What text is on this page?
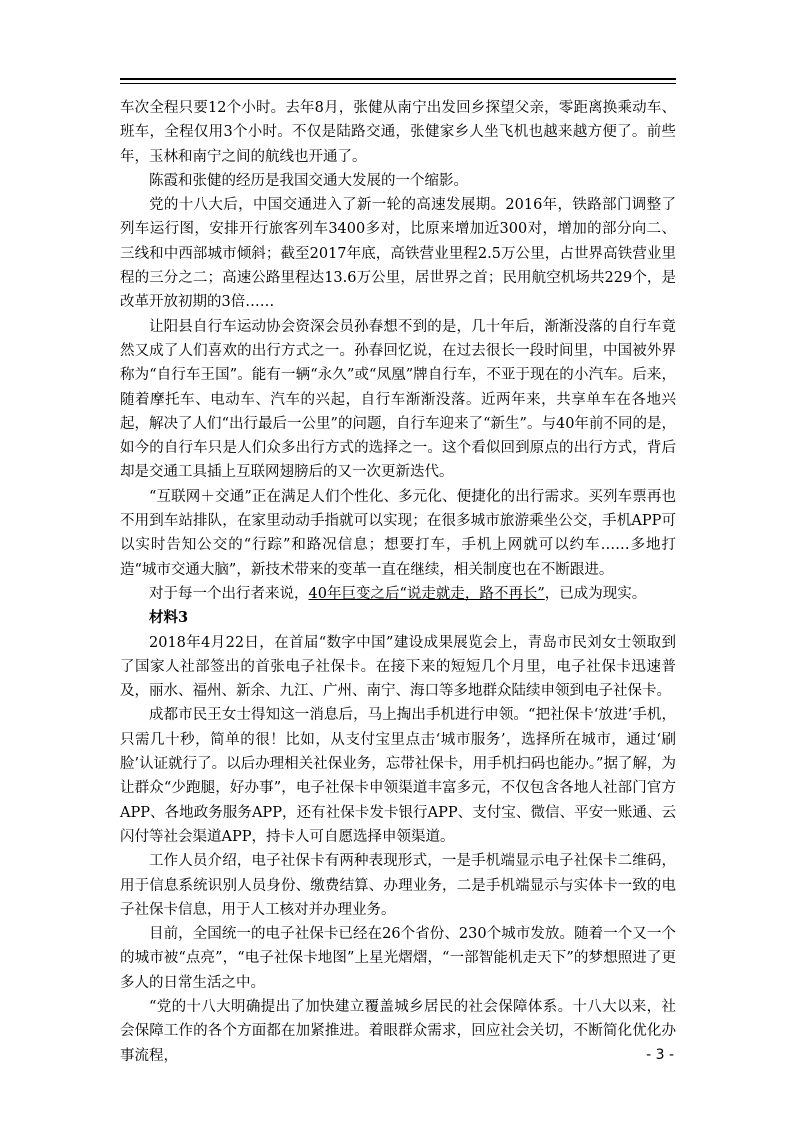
车次全程只要12个小时。去年8月，张健从南宁出发回乡探望父亲，零距离换乘动车、班车，全程仅用3个小时。不仅是陆路交通，张健家乡人坐飞机也越来越方便了。前些年，玉林和南宁之间的航线也开通了。

陈霞和张健的经历是我国交通大发展的一个缩影。

党的十八大后，中国交通进入了新一轮的高速发展期。2016年，铁路部门调整了列车运行图，安排开行旅客列车3400多对，比原来增加近300对，增加的部分向二、三线和中西部城市倾斜；截至2017年底，高铁营业里程2.5万公里，占世界高铁营业里程的三分之二；高速公路里程达13.6万公里，居世界之首；民用航空机场共229个，是改革开放初期的3倍……

让阳县自行车运动协会资深会员孙春想不到的是，几十年后，渐渐没落的自行车竟然又成了人们喜欢的出行方式之一。孙春回忆说，在过去很长一段时间里，中国被外界称为“自行车王国”。能有一辆“永久”或“凤凰”牌自行车，不亚于现在的小汽车。后来，随着摩托车、电动车、汽车的兴起，自行车渐渐没落。近两年来，共享单车在各地兴起，解决了人们“出行最后一公里”的问题，自行车迎来了“新生”。与40年前不同的是，如今的自行车只是人们众多出行方式的选择之一。这个看似回到原点的出行方式，背后却是交通工具插上互联网翅膀后的又一次更新迭代。

“互联网＋交通”正在满足人们个性化、多元化、便捷化的出行需求。买列车票再也不用到车站排队，在家里动动手指就可以实现；在很多城市旅游乘坐公交，手机APP可以实时告知公交的“行踪”和路况信息；想要打车，手机上网就可以约车……多地打造“城市交通大脑”，新技术带来的变革一直在继续，相关制度也在不断跟进。

对于每一个出行者来说，40年巨变之后“说走就走，路不再长”，已成为现实。

材料3

2018年4月22日，在首届“数字中国”建设成果展览会上，青岛市民刘女士领取到了国家人社部签出的首张电子社保卡。在接下来的短短几个月里，电子社保卡迅速普及，丽水、福州、新余、九江、广州、南宁、海口等多地群众陆续申领到电子社保卡。

成都市民王女士得知这一消息后，马上掏出手机进行申领。“把社保卡‘放进’手机，只需几十秒，简单的很！比如，从支付宝里点击‘城市服务’，选择所在城市，通过‘刷脸’认证就行了。以后办理相关社保业务，忘带社保卡，用手机扫码也能办。”据了解，为让群众“少跑腿，好办事”，电子社保卡申领渠道丰富多元，不仅包含各地人社部门官方APP、各地政务服务APP，还有社保卡发卡银行APP、支付宝、微信、平安一账通、云闪付等社会渠道APP，持卡人可自愿选择申领渠道。

工作人员介绍，电子社保卡有两种表现形式，一是手机端显示电子社保卡二维码，用于信息系统识别人员身份、缴费结算、办理业务，二是手机端显示与实体卡一致的电子社保卡信息，用于人工核对并办理业务。

目前，全国统一的电子社保卡已经在26个省份、230个城市发放。随着一个又一个的城市被“点亮”，“电子社保卡地图”上星光熠熠，“一部智能机走天下”的梦想照进了更多人的日常生活之中。

“党的十八大明确提出了加快建立覆盖城乡居民的社会保障体系。十八大以来，社会保障工作的各个方面都在加紧推进。着眼群众需求，回应社会关切，不断简化优化办事流程，	- 3 -
